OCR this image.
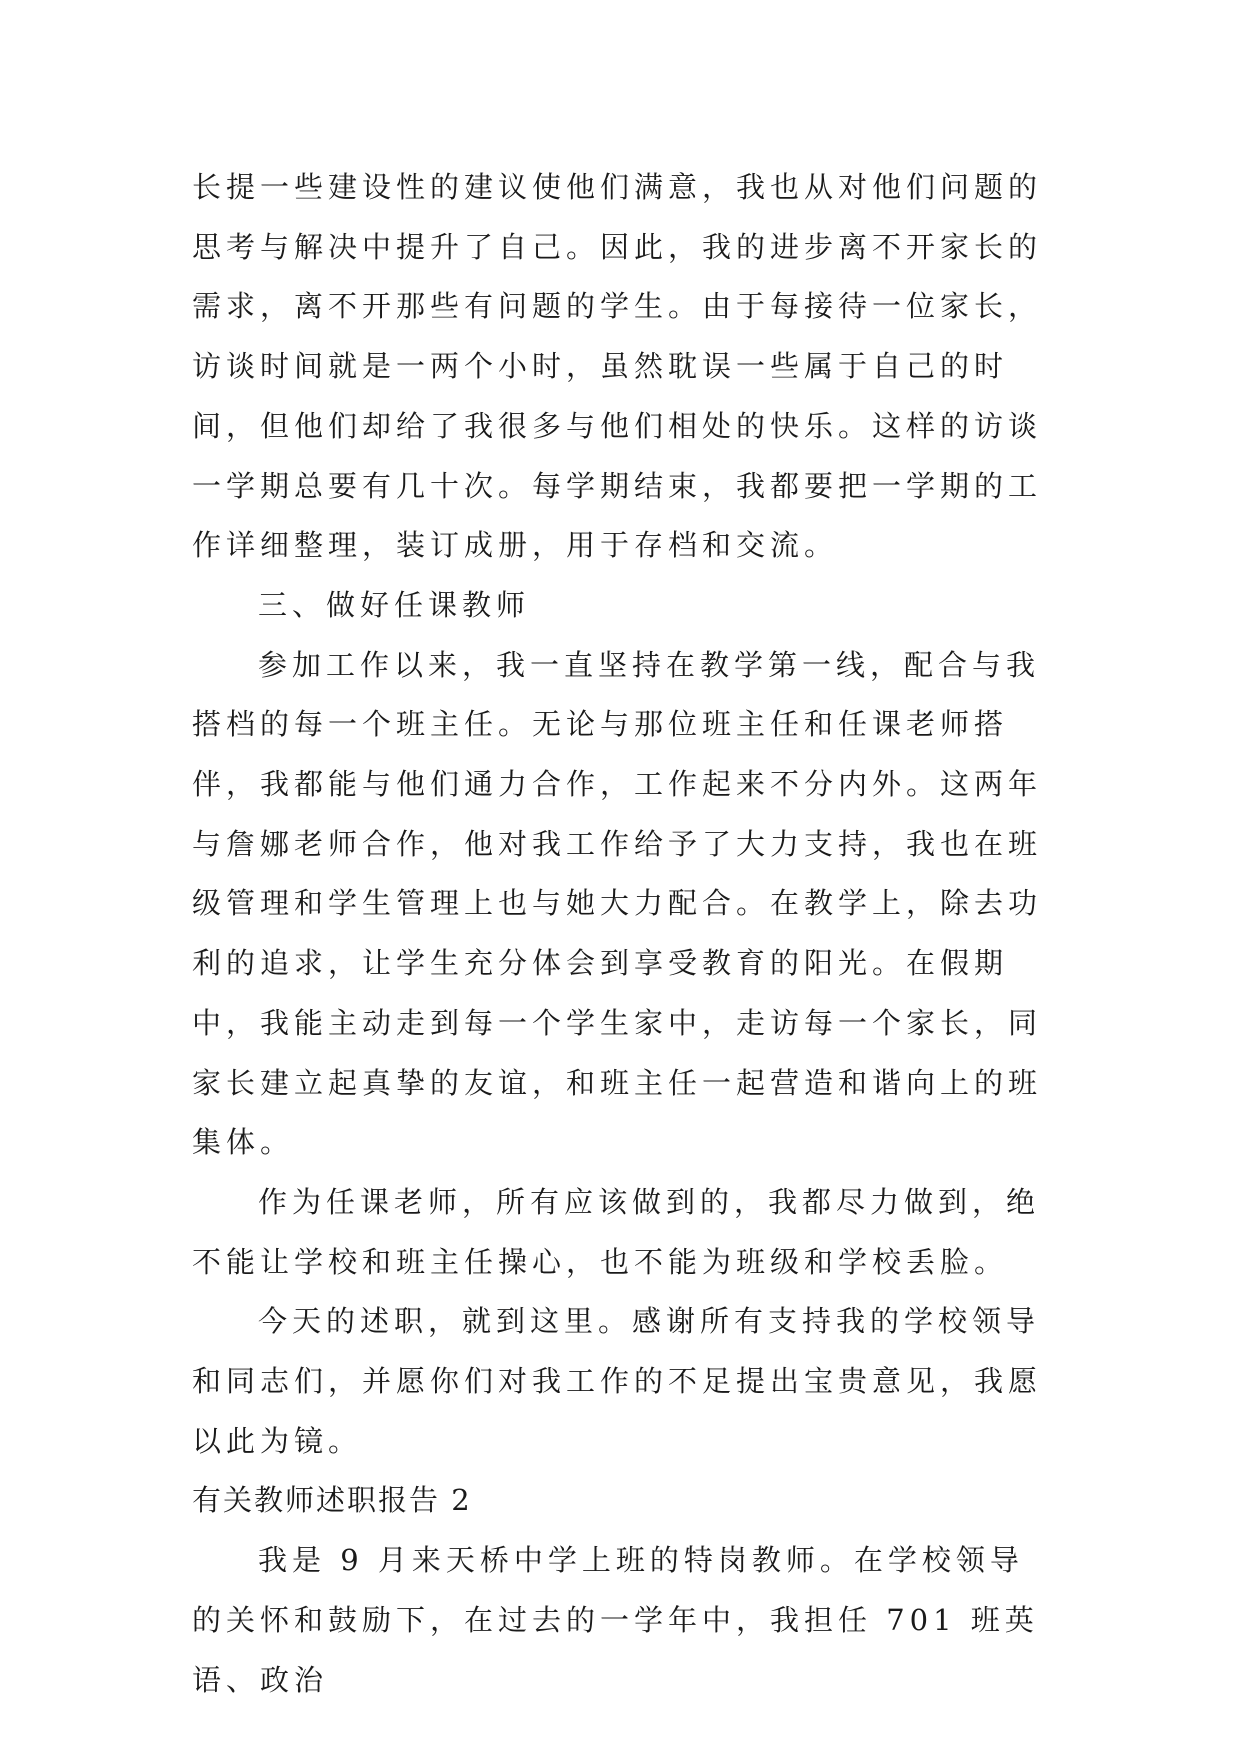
长提一些建设性的建议使他们满意，我也从对他们问题的思考与解决中提升了自己。因此，我的进步离不开家长的需求，离不开那些有问题的学生。由于每接待一位家长，访谈时间就是一两个小时，虽然耽误一些属于自己的时间，但他们却给了我很多与他们相处的快乐。这样的访谈一学期总要有几十次。每学期结束，我都要把一学期的工作详细整理，装订成册，用于存档和交流。

三、做好任课教师

参加工作以来，我一直坚持在教学第一线，配合与我搭档的每一个班主任。无论与那位班主任和任课老师搭伴，我都能与他们通力合作，工作起来不分内外。这两年与詹娜老师合作，他对我工作给予了大力支持，我也在班级管理和学生管理上也与她大力配合。在教学上，除去功利的追求，让学生充分体会到享受教育的阳光。在假期中，我能主动走到每一个学生家中，走访每一个家长，同家长建立起真挚的友谊，和班主任一起营造和谐向上的班集体。

作为任课老师，所有应该做到的，我都尽力做到，绝不能让学校和班主任操心，也不能为班级和学校丢脸。

今天的述职，就到这里。感谢所有支持我的学校领导和同志们，并愿你们对我工作的不足提出宝贵意见，我愿以此为镜。

有关教师述职报告 2

我是 9 月来天桥中学上班的特岗教师。在学校领导的关怀和鼓励下，在过去的一学年中，我担任 701 班英语、政治
